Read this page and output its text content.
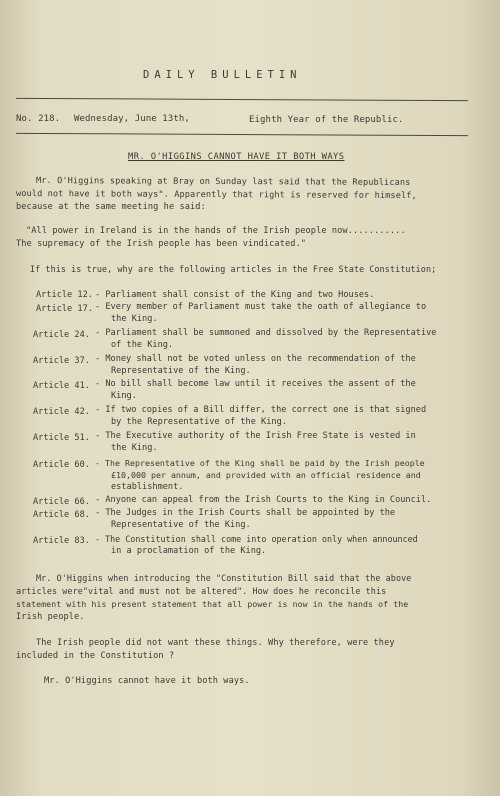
DAILY BULLETIN
No. 218. Wednesday, June 13th,	Eighth Year of the Republic.
MR. O'HIGGINS CANNOT HAVE IT BOTH WAYS
Mr. O'Higgins speaking at Bray on Sunday last said that the Republicans
would not have it both ways". Apparently that right is reserved for himself,
because at the same meeting he said:
"All power in Ireland is in the hands of the Irish people now...........
The supremacy of the Irish people has been vindicated."
If this is true, why are the following articles in the Free State Constitution;
Article 12. - Parliament shall consist of the King and two Houses.
Article 17. - Every member of Parliament must take the oath of allegiance to
the King.
Article 24. - Parliament shall be summoned and dissolved by the Representative
of the King.
Article 37. - Money shall not be voted unless on the recommendation of the
Representative of the King.
Article 41. - No bill shall become law until it receives the assent of the
King.
Article 42. - If two copies of a Bill differ, the correct one is that signed
by the Representative of the King.
Article 51. - The Executive authority of the Irish Free State is vested in
the King.
Article 60. - The Representative of the King shall be paid by the Irish people
£10,000 per annum, and provided with an official residence and
establishment.
Article 66. - Anyone can appeal from the Irish Courts to the King in Council.
Article 68. - The Judges in the Irish Courts shall be appointed by the
Representative of the King.
Article 83. - The Constitution shall come into operation only when announced
in a proclamation of the King.
Mr. O'Higgins when introducing the "Constitution Bill said that the above
articles were"vital and must not be altered". How does he reconcile this
statement with his present statement that all power is now in the hands of the
Irish people.
The Irish people did not want these things. Why therefore, were they
included in the Constitution ?
Mr. O'Higgins cannot have it both ways.
